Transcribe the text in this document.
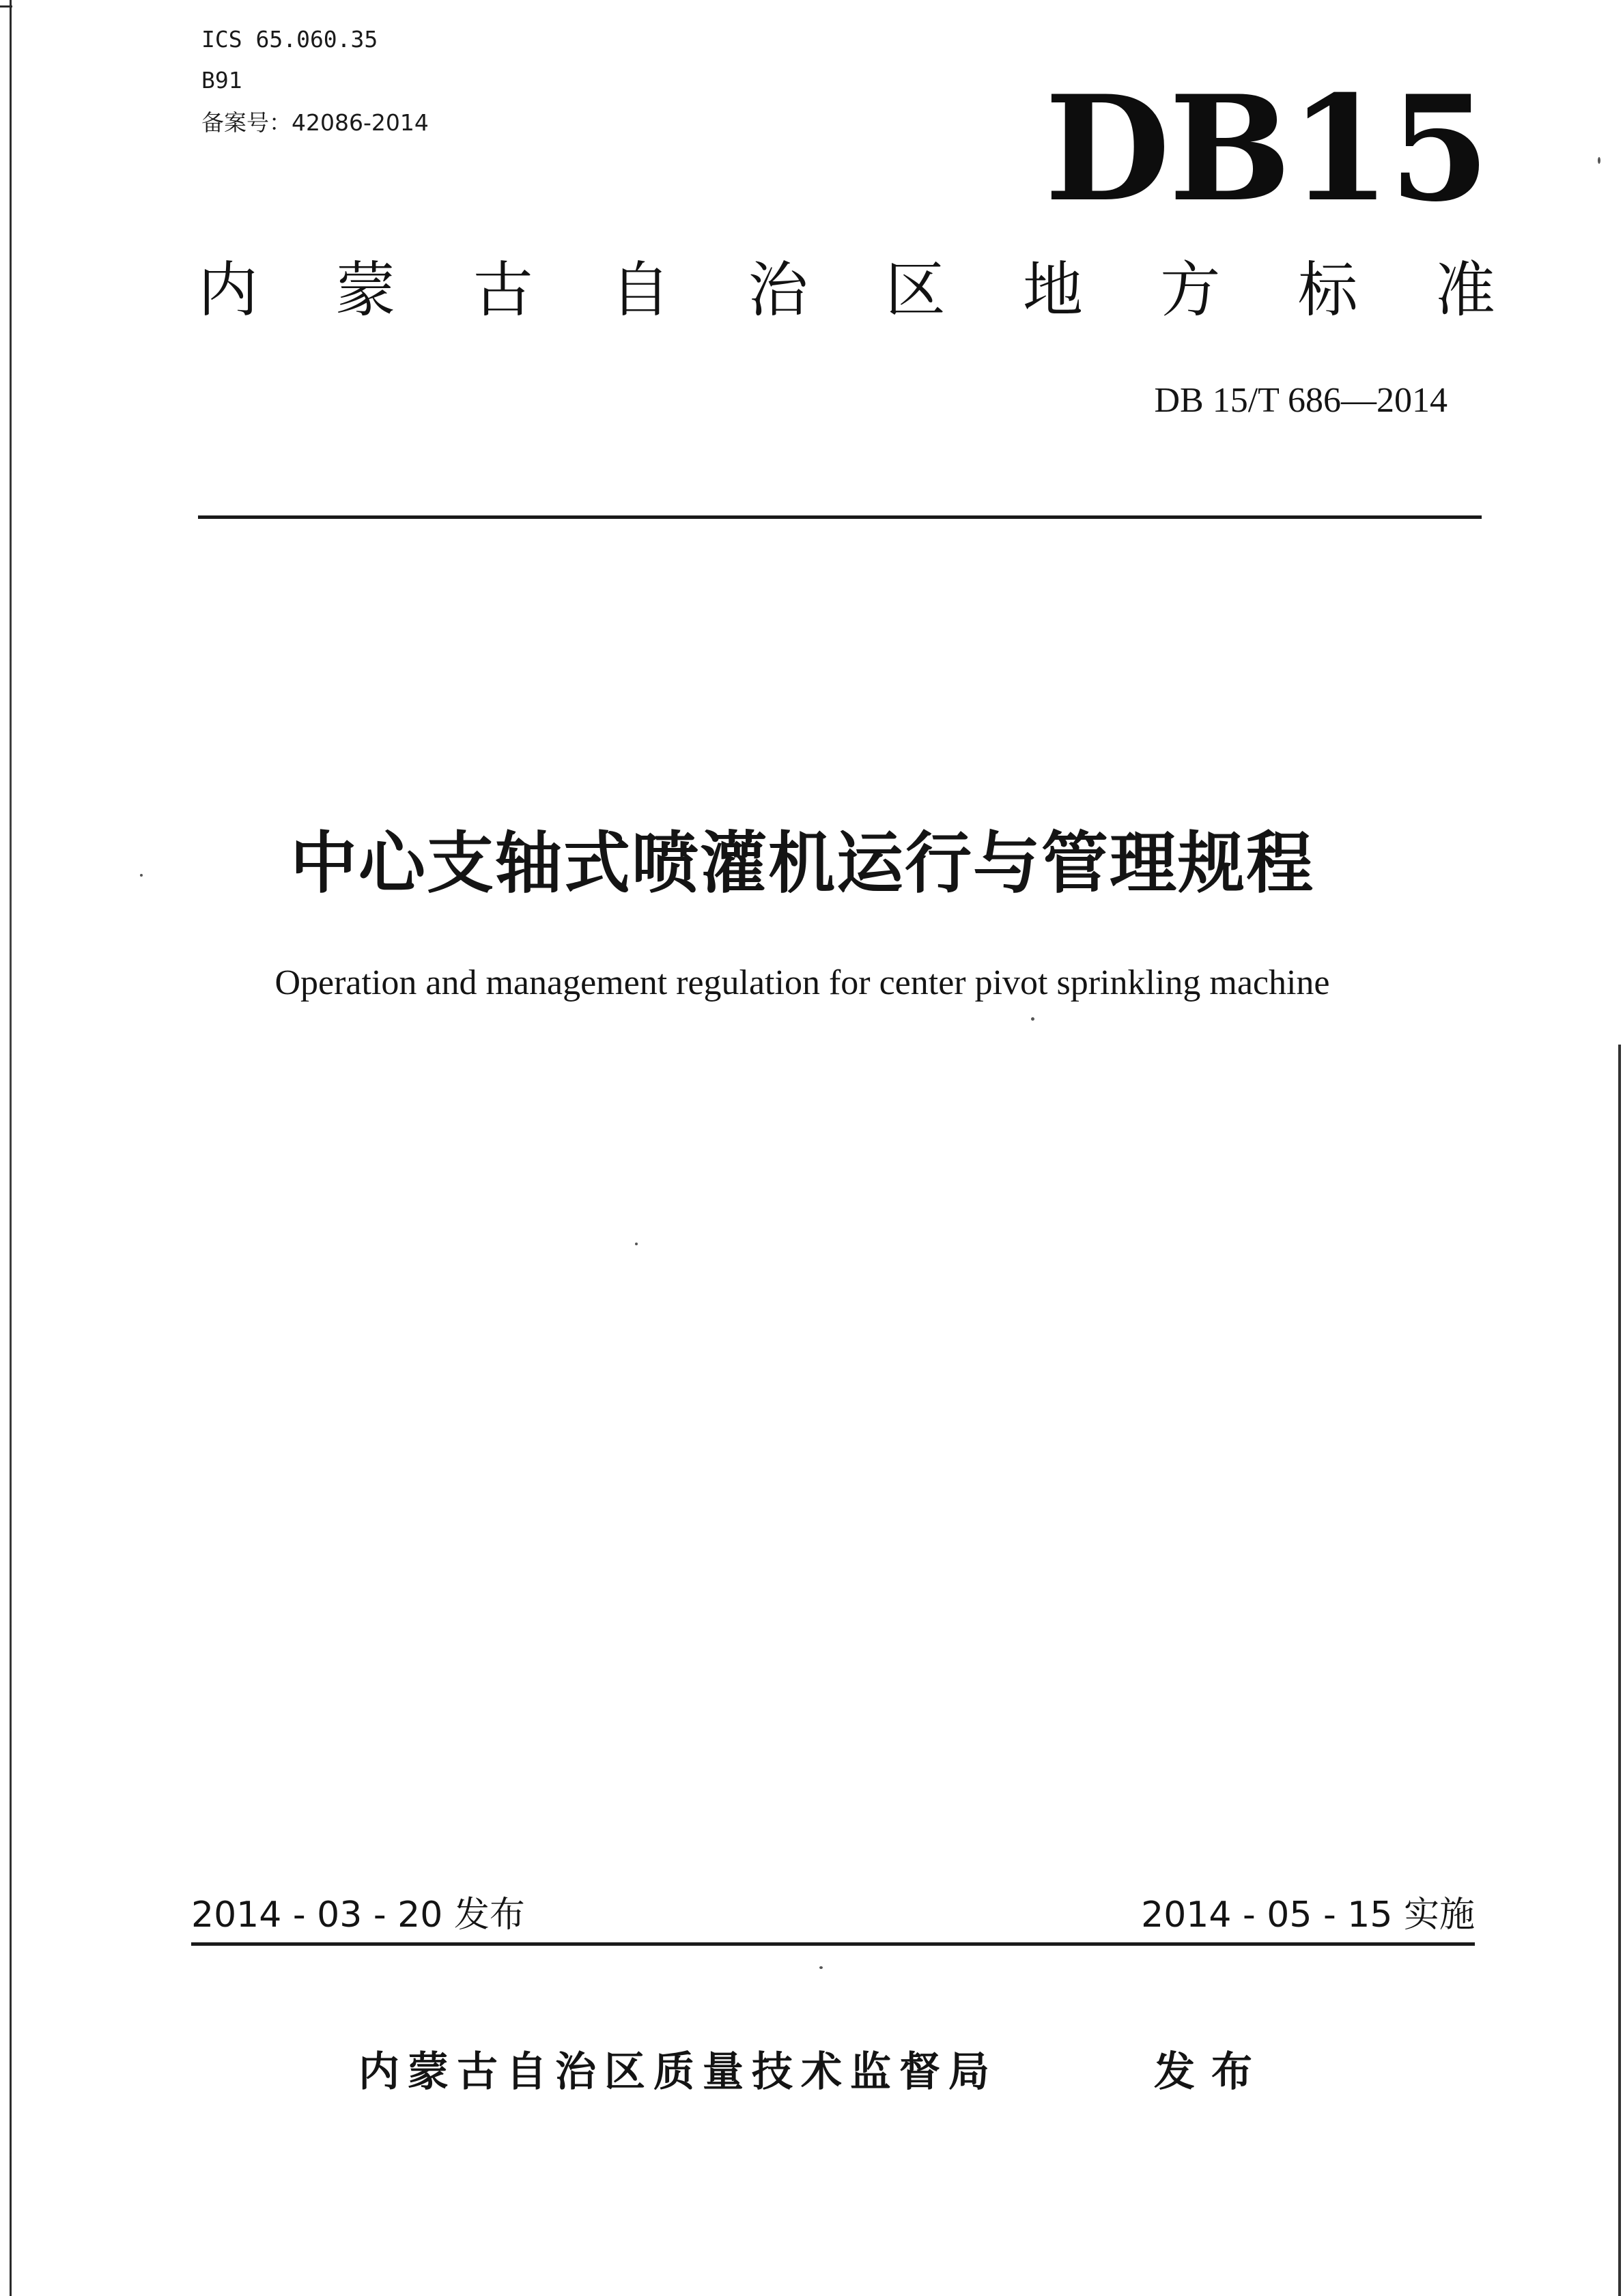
ICS 65.060.35
B91
备案号：42086-2014	DB15
内 蒙 古 自 治 区 地 方 标 准
DB 15/T 686—2014
中心支轴式喷灌机运行与管理规程
Operation and management regulation for center pivot sprinkling machine
2014 - 03 - 20 发布	2014 - 05 - 15 实施
内蒙古自治区质量技术监督局	发布
